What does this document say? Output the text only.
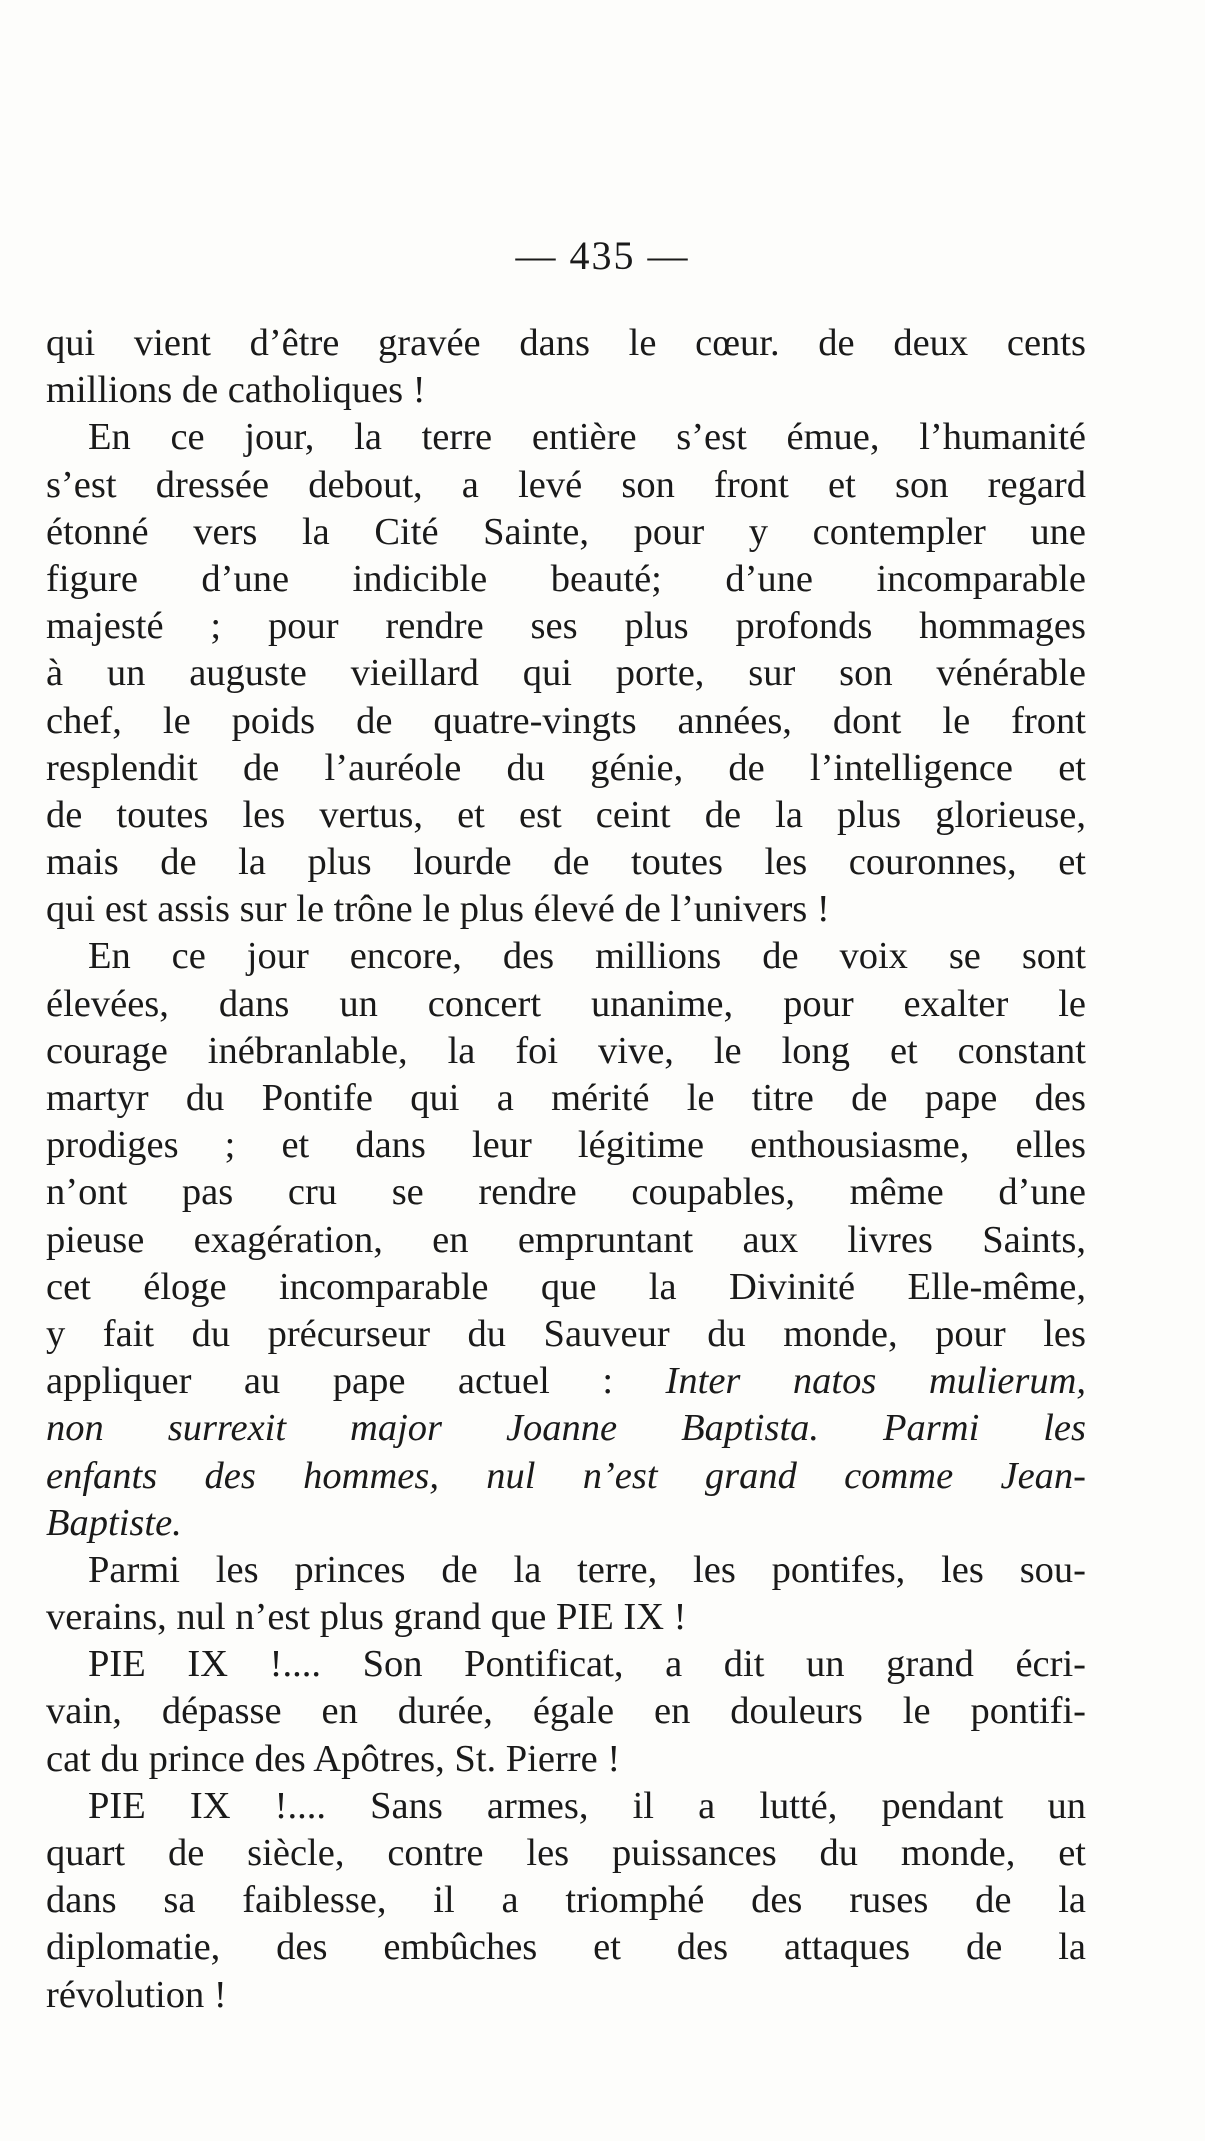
— 435 —
qui vient d’être gravée dans le cœur. de deux cents
millions de catholiques !
En ce jour, la terre entière s’est émue, l’humanité
s’est dressée debout, a levé son front et son regard
étonné vers la Cité Sainte, pour y contempler une
figure d’une indicible beauté; d’une incomparable
majesté ; pour rendre ses plus profonds hommages
à un auguste vieillard qui porte, sur son vénérable
chef, le poids de quatre-vingts années, dont le front
resplendit de l’auréole du génie, de l’intelligence et
de toutes les vertus, et est ceint de la plus glorieuse,
mais de la plus lourde de toutes les couronnes, et
qui est assis sur le trône le plus élevé de l’univers !
En ce jour encore, des millions de voix se sont
élevées, dans un concert unanime, pour exalter le
courage inébranlable, la foi vive, le long et constant
martyr du Pontife qui a mérité le titre de pape des
prodiges ; et dans leur légitime enthousiasme, elles
n’ont pas cru se rendre coupables, même d’une
pieuse exagération, en empruntant aux livres Saints,
cet éloge incomparable que la Divinité Elle-même,
y fait du précurseur du Sauveur du monde, pour les
appliquer au pape actuel : Inter natos mulierum,
non surrexit major Joanne Baptista. Parmi les
enfants des hommes, nul n’est grand comme Jean-
Baptiste.
Parmi les princes de la terre, les pontifes, les sou-
verains, nul n’est plus grand que PIE IX !
PIE IX !.... Son Pontificat, a dit un grand écri-
vain, dépasse en durée, égale en douleurs le pontifi-
cat du prince des Apôtres, St. Pierre !
PIE IX !.... Sans armes, il a lutté, pendant un
quart de siècle, contre les puissances du monde, et
dans sa faiblesse, il a triomphé des ruses de la
diplomatie, des embûches et des attaques de la
révolution !
